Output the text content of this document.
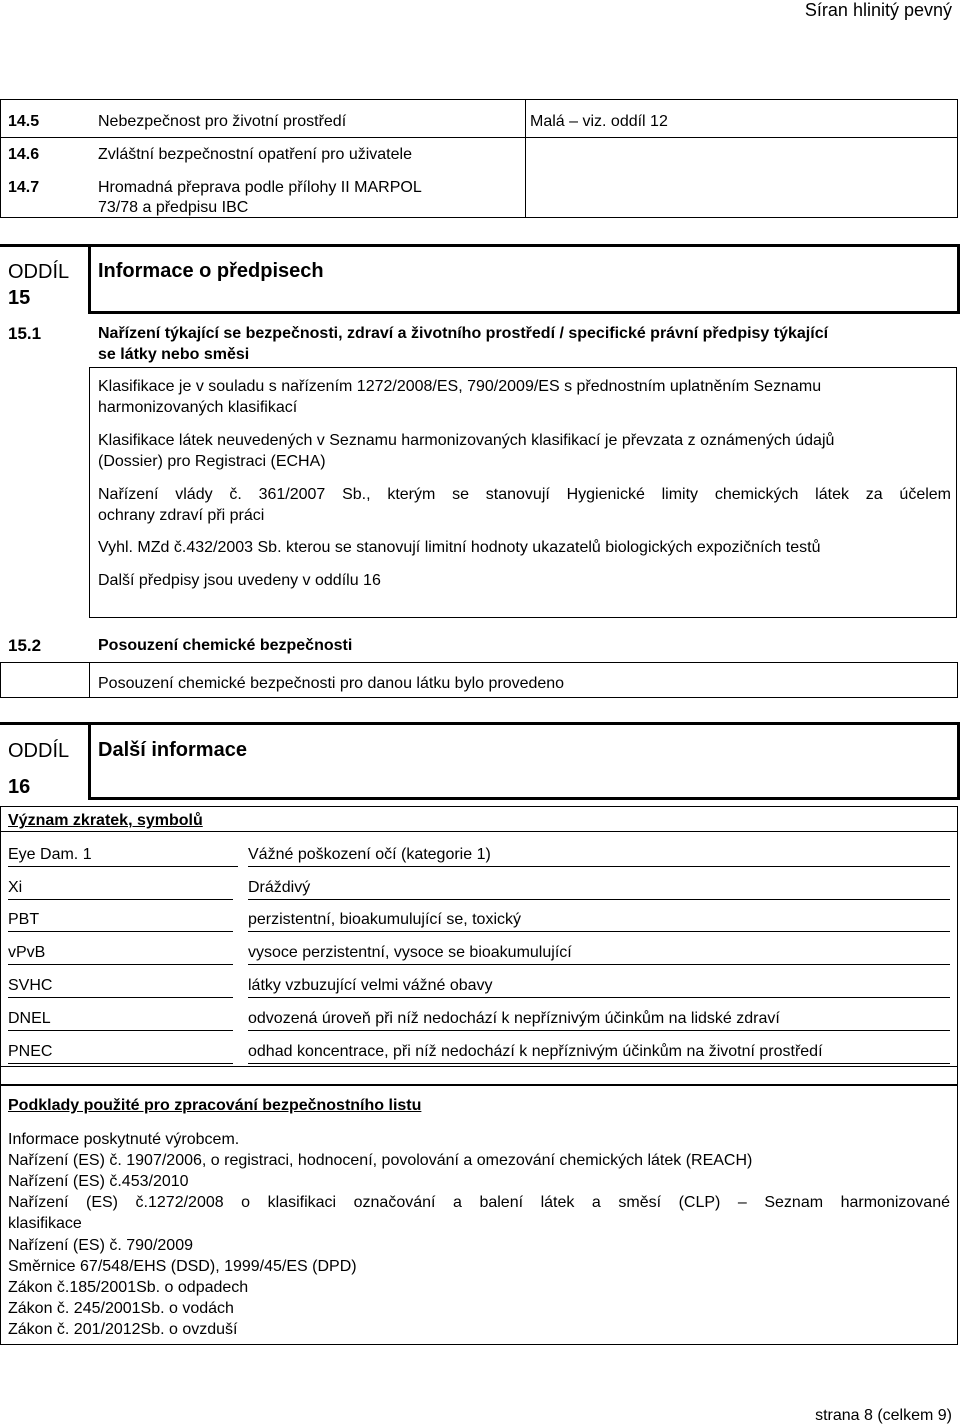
Síran hlinitý pevný
14.5	Nebezpečnost pro životní prostředí	Malá – viz. oddíl 12
14.6	Zvláštní bezpečnostní opatření pro uživatele
14.7	Hromadná přeprava podle přílohy II MARPOL
73/78 a předpisu IBC
ODDÍL
15
Informace o předpisech
15.1	Nařízení týkající se bezpečnosti, zdraví a životního prostředí / specifické právní předpisy týkající
se látky nebo směsi
Klasifikace je v souladu s nařízením 1272/2008/ES, 790/2009/ES s přednostním uplatněním Seznamu
harmonizovaných klasifikací
Klasifikace látek neuvedených v Seznamu harmonizovaných klasifikací je převzata z oznámených údajů
(Dossier) pro Registraci (ECHA)
Nařízení vlády č. 361/2007 Sb., kterým se stanovují Hygienické limity chemických látek za účelem
ochrany zdraví při práci
Vyhl. MZd č.432/2003 Sb. kterou se stanovují limitní hodnoty ukazatelů biologických expozičních testů
Další předpisy jsou uvedeny v oddílu 16
15.2	Posouzení chemické bezpečnosti
Posouzení chemické bezpečnosti pro danou látku bylo provedeno
ODDÍL
16
Další informace
Význam zkratek, symbolů
Eye Dam. 1	Vážné poškození očí (kategorie 1)
Xi	Dráždivý
PBT	perzistentní, bioakumulující se, toxický
vPvB	vysoce perzistentní, vysoce se bioakumulující
SVHC	látky vzbuzující velmi vážné obavy
DNEL	odvozená úroveň při níž nedochází k nepříznivým účinkům na lidské zdraví
PNEC	odhad koncentrace, při níž nedochází k nepříznivým účinkům na životní prostředí
Podklady použité pro zpracování bezpečnostního listu
Informace poskytnuté výrobcem.
Nařízení (ES) č. 1907/2006, o registraci, hodnocení, povolování a omezování chemických látek (REACH)
Nařízení (ES) č.453/2010
Nařízení (ES) č.1272/2008 o klasifikaci označování a balení látek a směsí (CLP) – Seznam harmonizované
klasifikace
Nařízení (ES) č. 790/2009
Směrnice 67/548/EHS (DSD), 1999/45/ES (DPD)
Zákon č.185/2001Sb. o odpadech
Zákon č. 245/2001Sb. o vodách
Zákon č. 201/2012Sb. o ovzduší
strana 8 (celkem 9)
